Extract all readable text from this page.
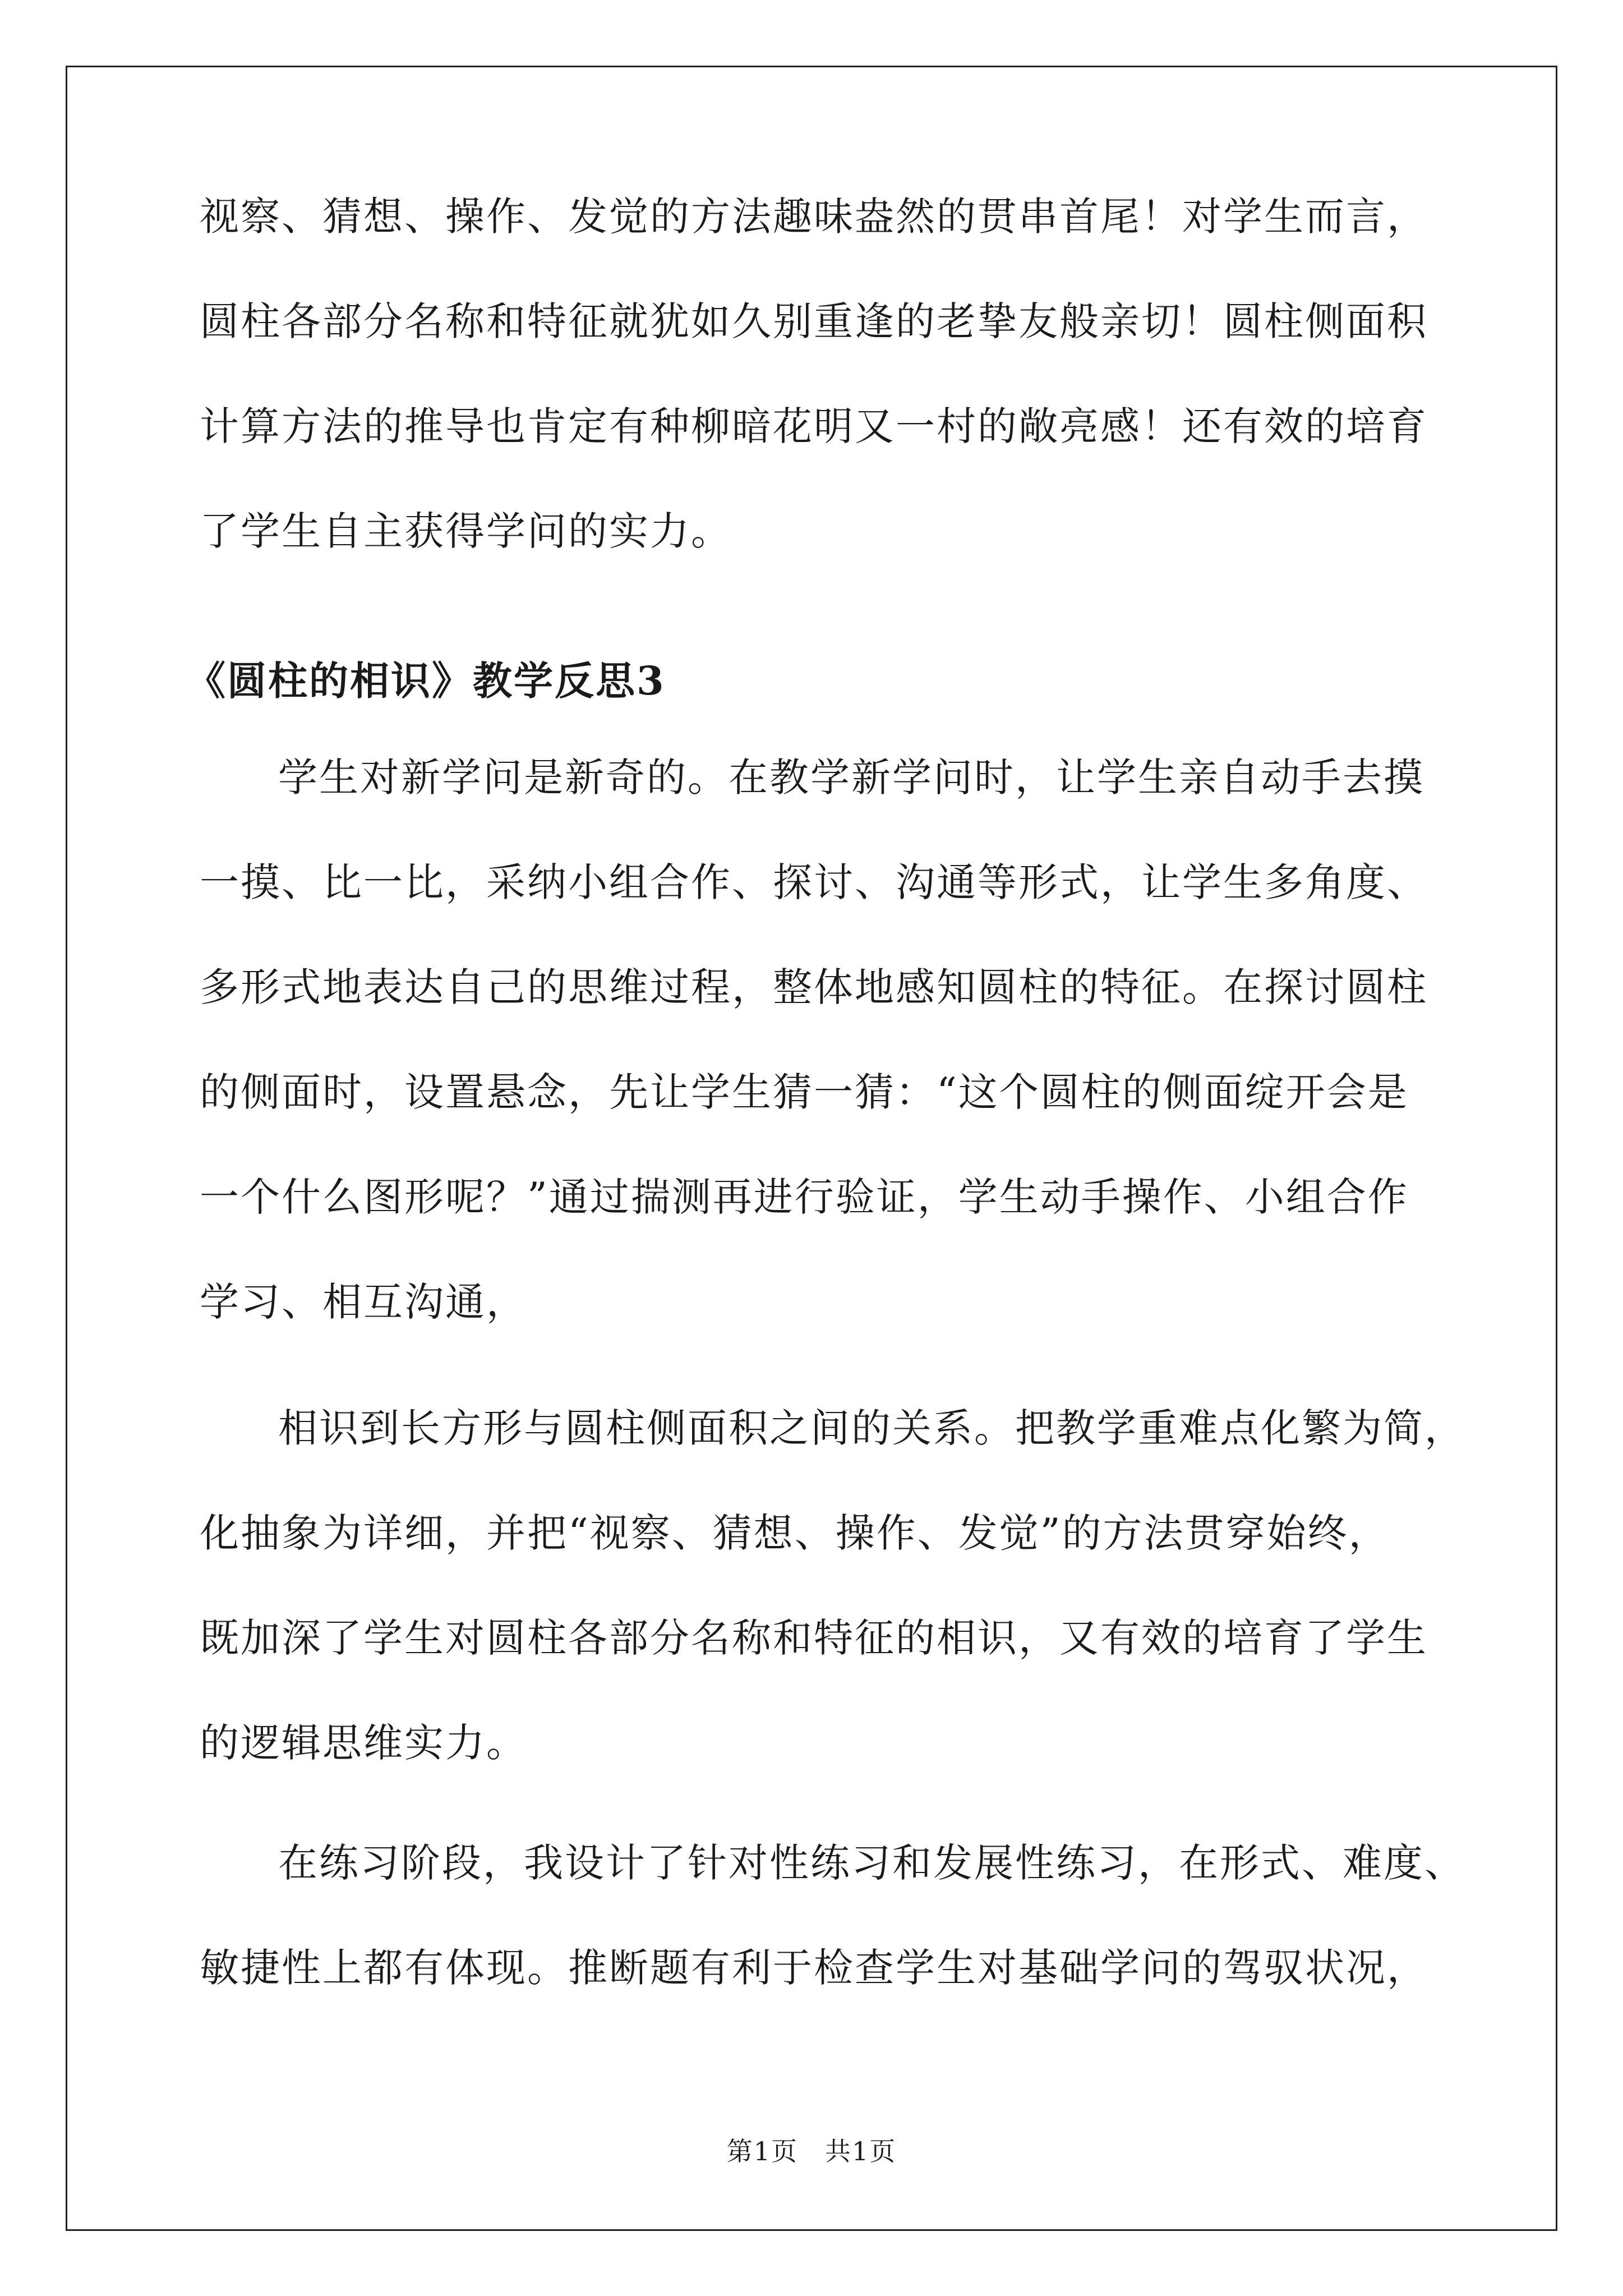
视察、猜想、操作、发觉的方法趣味盎然的贯串首尾！对学生而言，

圆柱各部分名称和特征就犹如久别重逢的老挚友般亲切！圆柱侧面积

计算方法的推导也肯定有种柳暗花明又一村的敞亮感！还有效的培育

了学生自主获得学问的实力。

《圆柱的相识》教学反思3

学生对新学问是新奇的。在教学新学问时，让学生亲自动手去摸

一摸、比一比，采纳小组合作、探讨、沟通等形式，让学生多角度、

多形式地表达自己的思维过程，整体地感知圆柱的特征。在探讨圆柱

的侧面时，设置悬念，先让学生猜一猜：“这个圆柱的侧面绽开会是

一个什么图形呢？”通过揣测再进行验证，学生动手操作、小组合作

学习、相互沟通，

相识到长方形与圆柱侧面积之间的关系。把教学重难点化繁为简，

化抽象为详细，并把“视察、猜想、操作、发觉”的方法贯穿始终，

既加深了学生对圆柱各部分名称和特征的相识，又有效的培育了学生

的逻辑思维实力。

在练习阶段，我设计了针对性练习和发展性练习，在形式、难度、

敏捷性上都有体现。推断题有利于检查学生对基础学问的驾驭状况，

第1页　共1页
